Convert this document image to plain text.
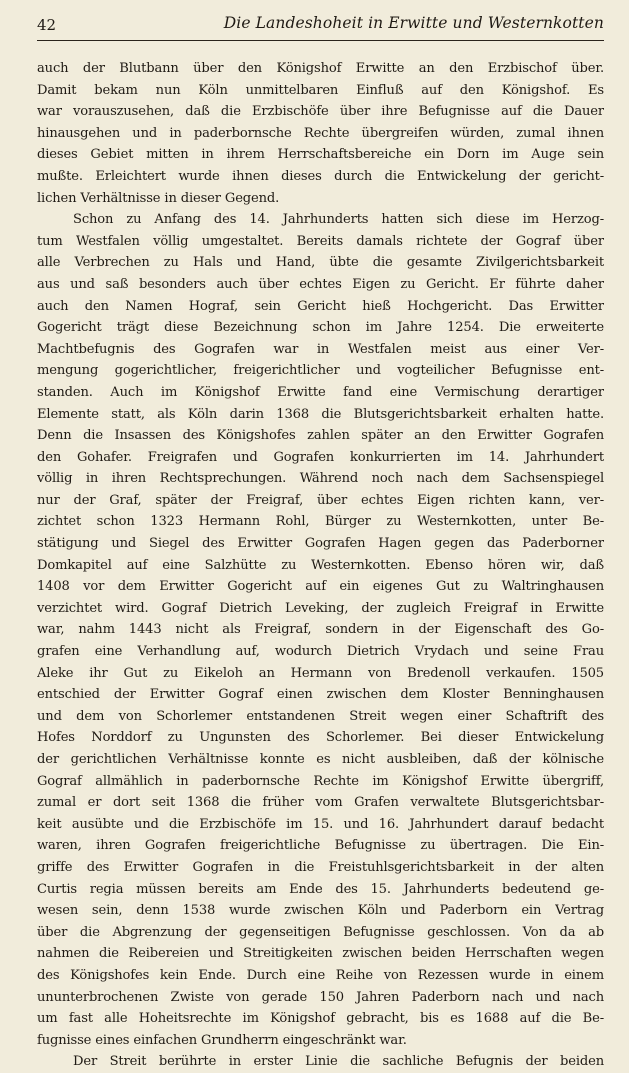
42	Die Landeshoheit in Erwitte und Westernkotten
auch der Blutbann über den Königshof Erwitte an den Erzbischof über.
Damit bekam nun Köln unmittelbaren Einfluß auf den Königshof. Es
war vorauszusehen, daß die Erzbischöfe über ihre Befugnisse auf die Dauer
hinausgehen und in paderbornsche Rechte übergreifen würden, zumal ihnen
dieses Gebiet mitten in ihrem Herrschaftsbereiche ein Dorn im Auge sein
mußte. Erleichtert wurde ihnen dieses durch die Entwickelung der gericht-
lichen Verhältnisse in dieser Gegend.
Schon zu Anfang des 14. Jahrhunderts hatten sich diese im Herzog-
tum Westfalen völlig umgestaltet. Bereits damals richtete der Gograf über
alle Verbrechen zu Hals und Hand, übte die gesamte Zivilgerichtsbarkeit
aus und saß besonders auch über echtes Eigen zu Gericht. Er führte daher
auch den Namen Hograf, sein Gericht hieß Hochgericht. Das Erwitter
Gogericht trägt diese Bezeichnung schon im Jahre 1254. Die erweiterte
Machtbefugnis des Gografen war in Westfalen meist aus einer Ver-
mengung gogerichtlicher, freigerichtlicher und vogteilicher Befugnisse ent-
standen. Auch im Königshof Erwitte fand eine Vermischung derartiger
Elemente statt, als Köln darin 1368 die Blutsgerichtsbarkeit erhalten hatte.
Denn die Insassen des Königshofes zahlen später an den Erwitter Gografen
den Gohafer. Freigrafen und Gografen konkurrierten im 14. Jahrhundert
völlig in ihren Rechtsprechungen. Während noch nach dem Sachsenspiegel
nur der Graf, später der Freigraf, über echtes Eigen richten kann, ver-
zichtet schon 1323 Hermann Rohl, Bürger zu Westernkotten, unter Be-
stätigung und Siegel des Erwitter Gografen Hagen gegen das Paderborner
Domkapitel auf eine Salzhütte zu Westernkotten. Ebenso hören wir, daß
1408 vor dem Erwitter Gogericht auf ein eigenes Gut zu Waltringhausen
verzichtet wird. Gograf Dietrich Leveking, der zugleich Freigraf in Erwitte
war, nahm 1443 nicht als Freigraf, sondern in der Eigenschaft des Go-
grafen eine Verhandlung auf, wodurch Dietrich Vrydach und seine Frau
Aleke ihr Gut zu Eikeloh an Hermann von Bredenoll verkaufen. 1505
entschied der Erwitter Gograf einen zwischen dem Kloster Benninghausen
und dem von Schorlemer entstandenen Streit wegen einer Schaftrift des
Hofes Norddorf zu Ungunsten des Schorlemer. Bei dieser Entwickelung
der gerichtlichen Verhältnisse konnte es nicht ausbleiben, daß der kölnische
Gograf allmählich in paderbornsche Rechte im Königshof Erwitte übergriff,
zumal er dort seit 1368 die früher vom Grafen verwaltete Blutsgerichtsbar-
keit ausübte und die Erzbischöfe im 15. und 16. Jahrhundert darauf bedacht
waren, ihren Gografen freigerichtliche Befugnisse zu übertragen. Die Ein-
griffe des Erwitter Gografen in die Freistuhlsgerichtsbarkeit in der alten
Curtis regia müssen bereits am Ende des 15. Jahrhunderts bedeutend ge-
wesen sein, denn 1538 wurde zwischen Köln und Paderborn ein Vertrag
über die Abgrenzung der gegenseitigen Befugnisse geschlossen. Von da ab
nahmen die Reibereien und Streitigkeiten zwischen beiden Herrschaften wegen
des Königshofes kein Ende. Durch eine Reihe von Rezessen wurde in einem
ununterbrochenen Zwiste von gerade 150 Jahren Paderborn nach und nach
um fast alle Hoheitsrechte im Königshof gebracht, bis es 1688 auf die Be-
fugnisse eines einfachen Grundherrn eingeschränkt war.
Der Streit berührte in erster Linie die sachliche Befugnis der beiden
